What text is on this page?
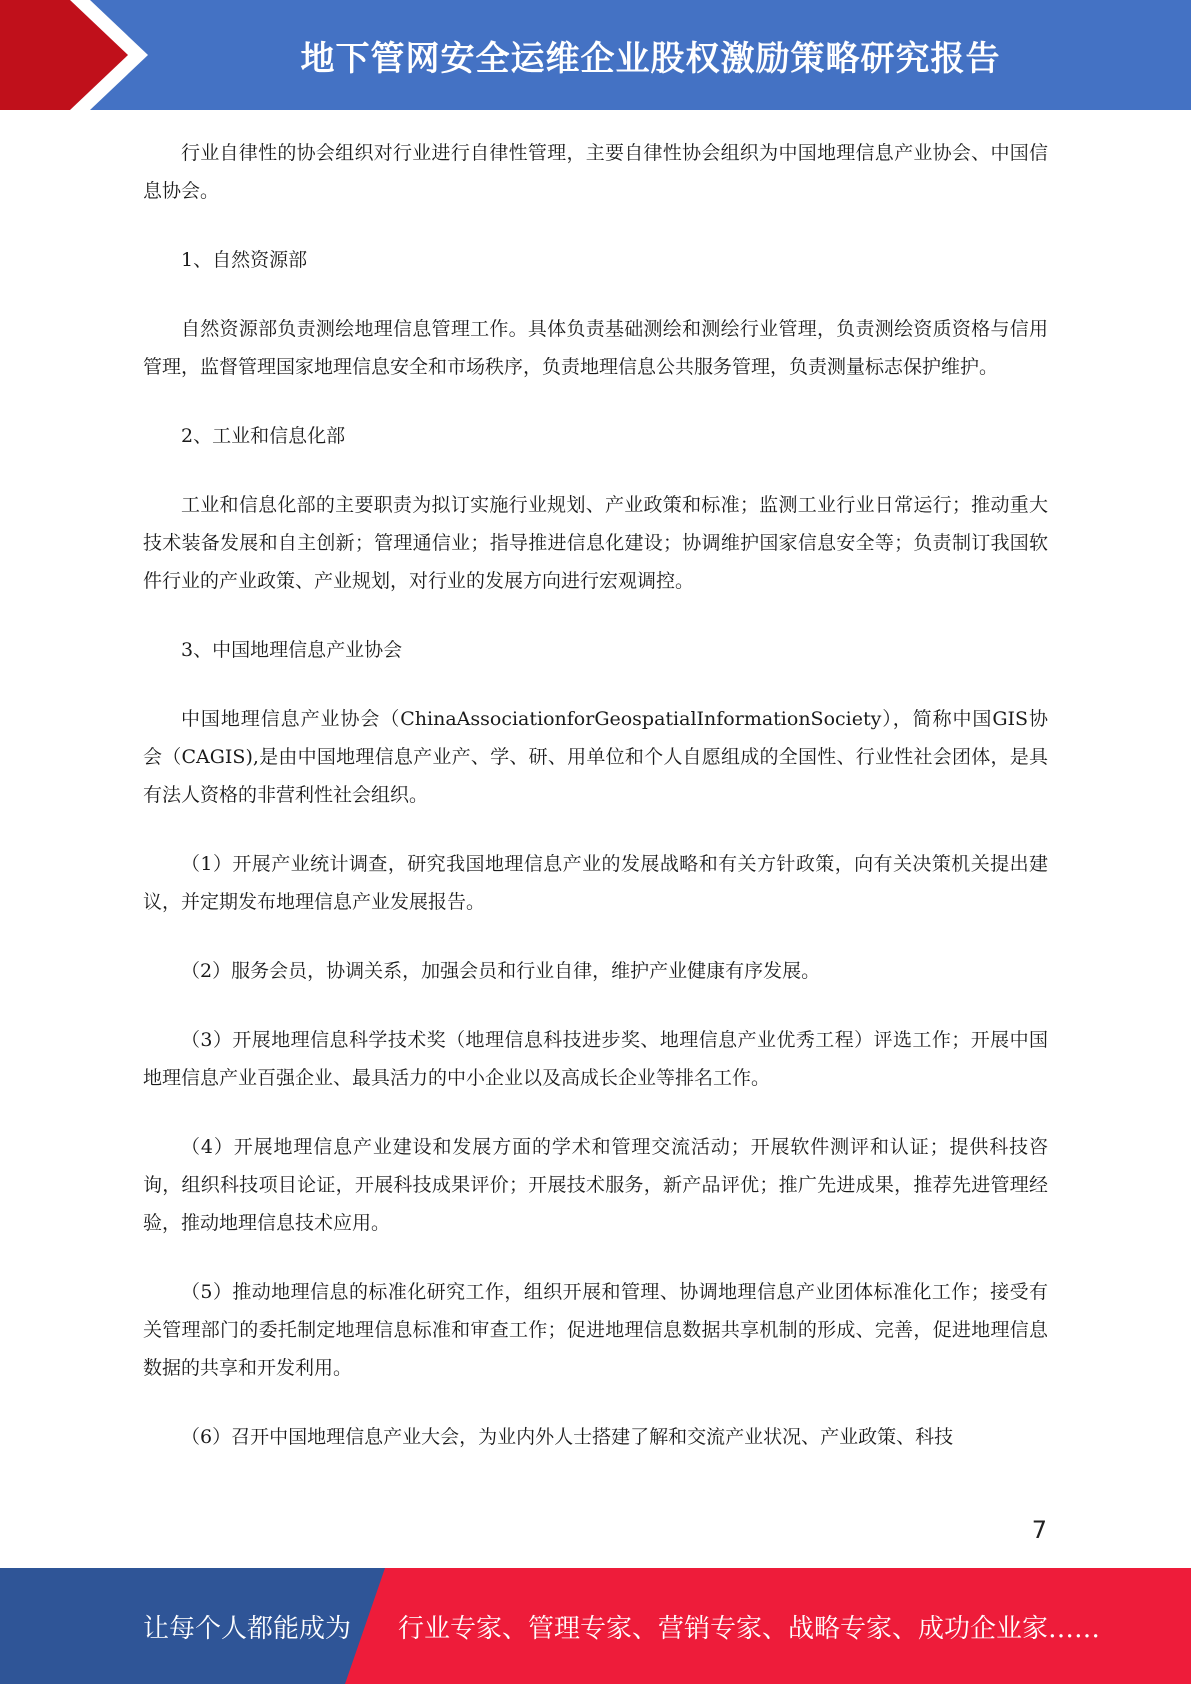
地下管网安全运维企业股权激励策略研究报告

行业自律性的协会组织对行业进行自律性管理，主要自律性协会组织为中国地理信息产业协会、中国信息协会。

1、自然资源部

自然资源部负责测绘地理信息管理工作。具体负责基础测绘和测绘行业管理，负责测绘资质资格与信用管理，监督管理国家地理信息安全和市场秩序，负责地理信息公共服务管理，负责测量标志保护维护。

2、工业和信息化部

工业和信息化部的主要职责为拟订实施行业规划、产业政策和标准；监测工业行业日常运行；推动重大技术装备发展和自主创新；管理通信业；指导推进信息化建设；协调维护国家信息安全等；负责制订我国软件行业的产业政策、产业规划，对行业的发展方向进行宏观调控。

3、中国地理信息产业协会

中国地理信息产业协会（ChinaAssociationforGeospatialInformationSociety），简称中国GIS协会（CAGIS),是由中国地理信息产业产、学、研、用单位和个人自愿组成的全国性、行业性社会团体，是具有法人资格的非营利性社会组织。

（1）开展产业统计调查，研究我国地理信息产业的发展战略和有关方针政策，向有关决策机关提出建议，并定期发布地理信息产业发展报告。

（2）服务会员，协调关系，加强会员和行业自律，维护产业健康有序发展。

（3）开展地理信息科学技术奖（地理信息科技进步奖、地理信息产业优秀工程）评选工作；开展中国地理信息产业百强企业、最具活力的中小企业以及高成长企业等排名工作。

（4）开展地理信息产业建设和发展方面的学术和管理交流活动；开展软件测评和认证；提供科技咨询，组织科技项目论证，开展科技成果评价；开展技术服务，新产品评优；推广先进成果，推荐先进管理经验，推动地理信息技术应用。

（5）推动地理信息的标准化研究工作，组织开展和管理、协调地理信息产业团体标准化工作；接受有关管理部门的委托制定地理信息标准和审查工作；促进地理信息数据共享机制的形成、完善，促进地理信息数据的共享和开发利用。

（6）召开中国地理信息产业大会，为业内外人士搭建了解和交流产业状况、产业政策、科技

7
让每个人都能成为 行业专家、管理专家、营销专家、战略专家、成功企业家……
